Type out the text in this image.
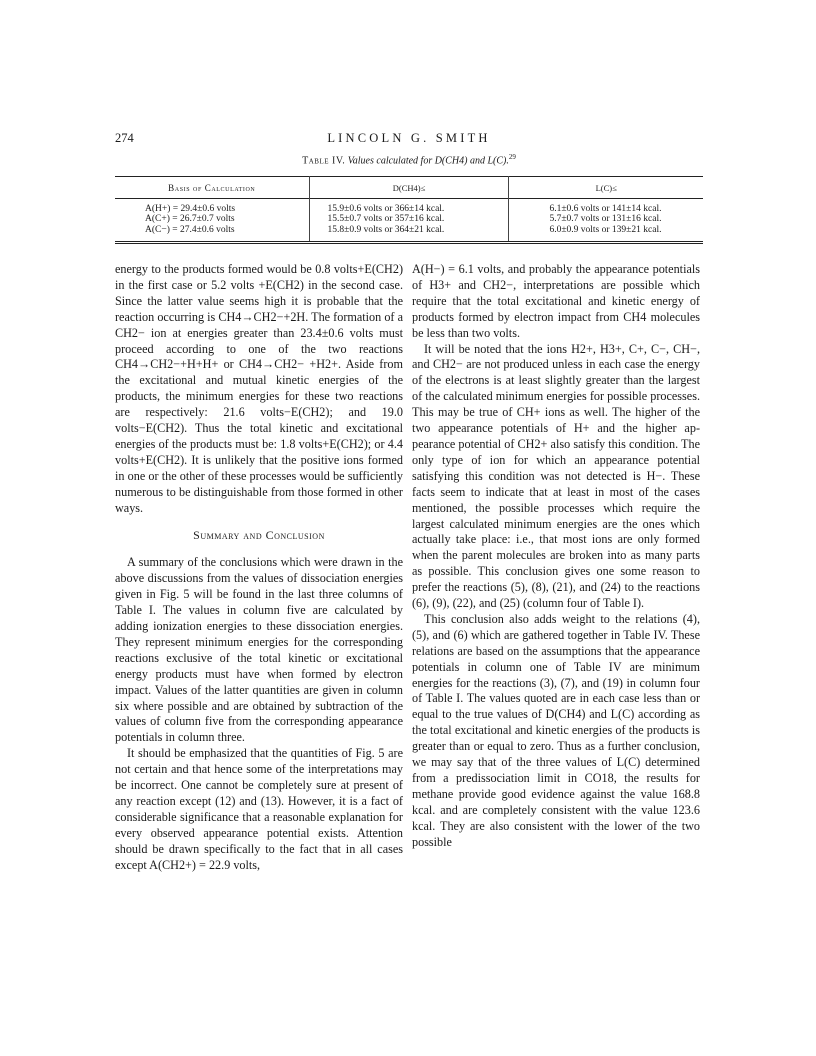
274	LINCOLN G. SMITH
Table IV. Values calculated for D(CH4) and L(C).$^{29}$
Basis of Calculation	D(CH4)≤	L(C)≤
A(H+) = 29.4±0.6 volts	15.9±0.6 volts or 366±14 kcal.	6.1±0.6 volts or 141±14 kcal.
A(C+) = 26.7±0.7 volts	15.5±0.7 volts or 357±16 kcal.	5.7±0.7 volts or 131±16 kcal.
A(C−) = 27.4±0.6 volts	15.8±0.9 volts or 364±21 kcal.	6.0±0.9 volts or 139±21 kcal.

energy to the products formed would be 0.8 volts+E(CH2) in the first case or 5.2 volts +E(CH2) in the second case. Since the latter value seems high it is probable that the reaction occurring is CH4→CH2−+2H. The formation of a CH2− ion at energies greater than 23.4±0.6 volts must proceed according to one of the two reactions CH4→CH2−+H+H+ or CH4→CH2− +H2+. Aside from the excitational and mutual kinetic energies of the products, the minimum energies for these two reactions are respectively: 21.6 volts−E(CH2); and 19.0 volts−E(CH2). Thus the total kinetic and excitational energies of the products must be: 1.8 volts+E(CH2); or 4.4 volts+E(CH2). It is unlikely that the positive ions formed in one or the other of these processes would be sufficiently numerous to be distinguishable from those formed in other ways.

Summary and Conclusion

A summary of the conclusions which were drawn in the above discussions from the values of dissociation energies given in Fig. 5 will be found in the last three columns of Table I. The values in column five are calculated by adding ionization energies to these dissociation energies. They represent minimum energies for the corresponding reactions exclusive of the total kinetic or excitational energy products must have when formed by electron impact. Values of the latter quantities are given in column six where possible and are obtained by subtraction of the values of column five from the corresponding appearance potentials in column three.

It should be emphasized that the quantities of Fig. 5 are not certain and that hence some of the interpretations may be incorrect. One cannot be completely sure at present of any reaction except (12) and (13). However, it is a fact of considerable significance that a reasonable explanation for every observed appearance potential exists. Attention should be drawn specifically to the fact that in all cases except A(CH2+) = 22.9 volts,

A(H−) = 6.1 volts, and probably the appearance potentials of H3+ and CH2−, interpretations are possible which require that the total excitational and kinetic energy of products formed by electron impact from CH4 molecules be less than two volts.

It will be noted that the ions H2+, H3+, C+, C−, CH−, and CH2− are not produced unless in each case the energy of the electrons is at least slightly greater than the largest of the calculated minimum energies for possible processes. This may be true of CH+ ions as well. The higher of the two appearance potentials of H+ and the higher appearance potential of CH2+ also satisfy this condition. The only type of ion for which an appearance potential satisfying this condition was not detected is H−. These facts seem to indicate that at least in most of the cases mentioned, the possible processes which require the largest calculated minimum energies are the ones which actually take place: i.e., that most ions are only formed when the parent molecules are broken into as many parts as possible. This conclusion gives one some reason to prefer the reactions (5), (8), (21), and (24) to the reactions (6), (9), (22), and (25) (column four of Table I).

This conclusion also adds weight to the relations (4), (5), and (6) which are gathered together in Table IV. These relations are based on the assumptions that the appearance potentials in column one of Table IV are minimum energies for the reactions (3), (7), and (19) in column four of Table I. The values quoted are in each case less than or equal to the true values of D(CH4) and L(C) according as the total excitational and kinetic energies of the products is greater than or equal to zero. Thus as a further conclusion, we may say that of the three values of L(C) determined from a predissociation limit in CO18, the results for methane provide good evidence against the value 168.8 kcal. and are completely consistent with the value 123.6 kcal. They are also consistent with the lower of the two possible
